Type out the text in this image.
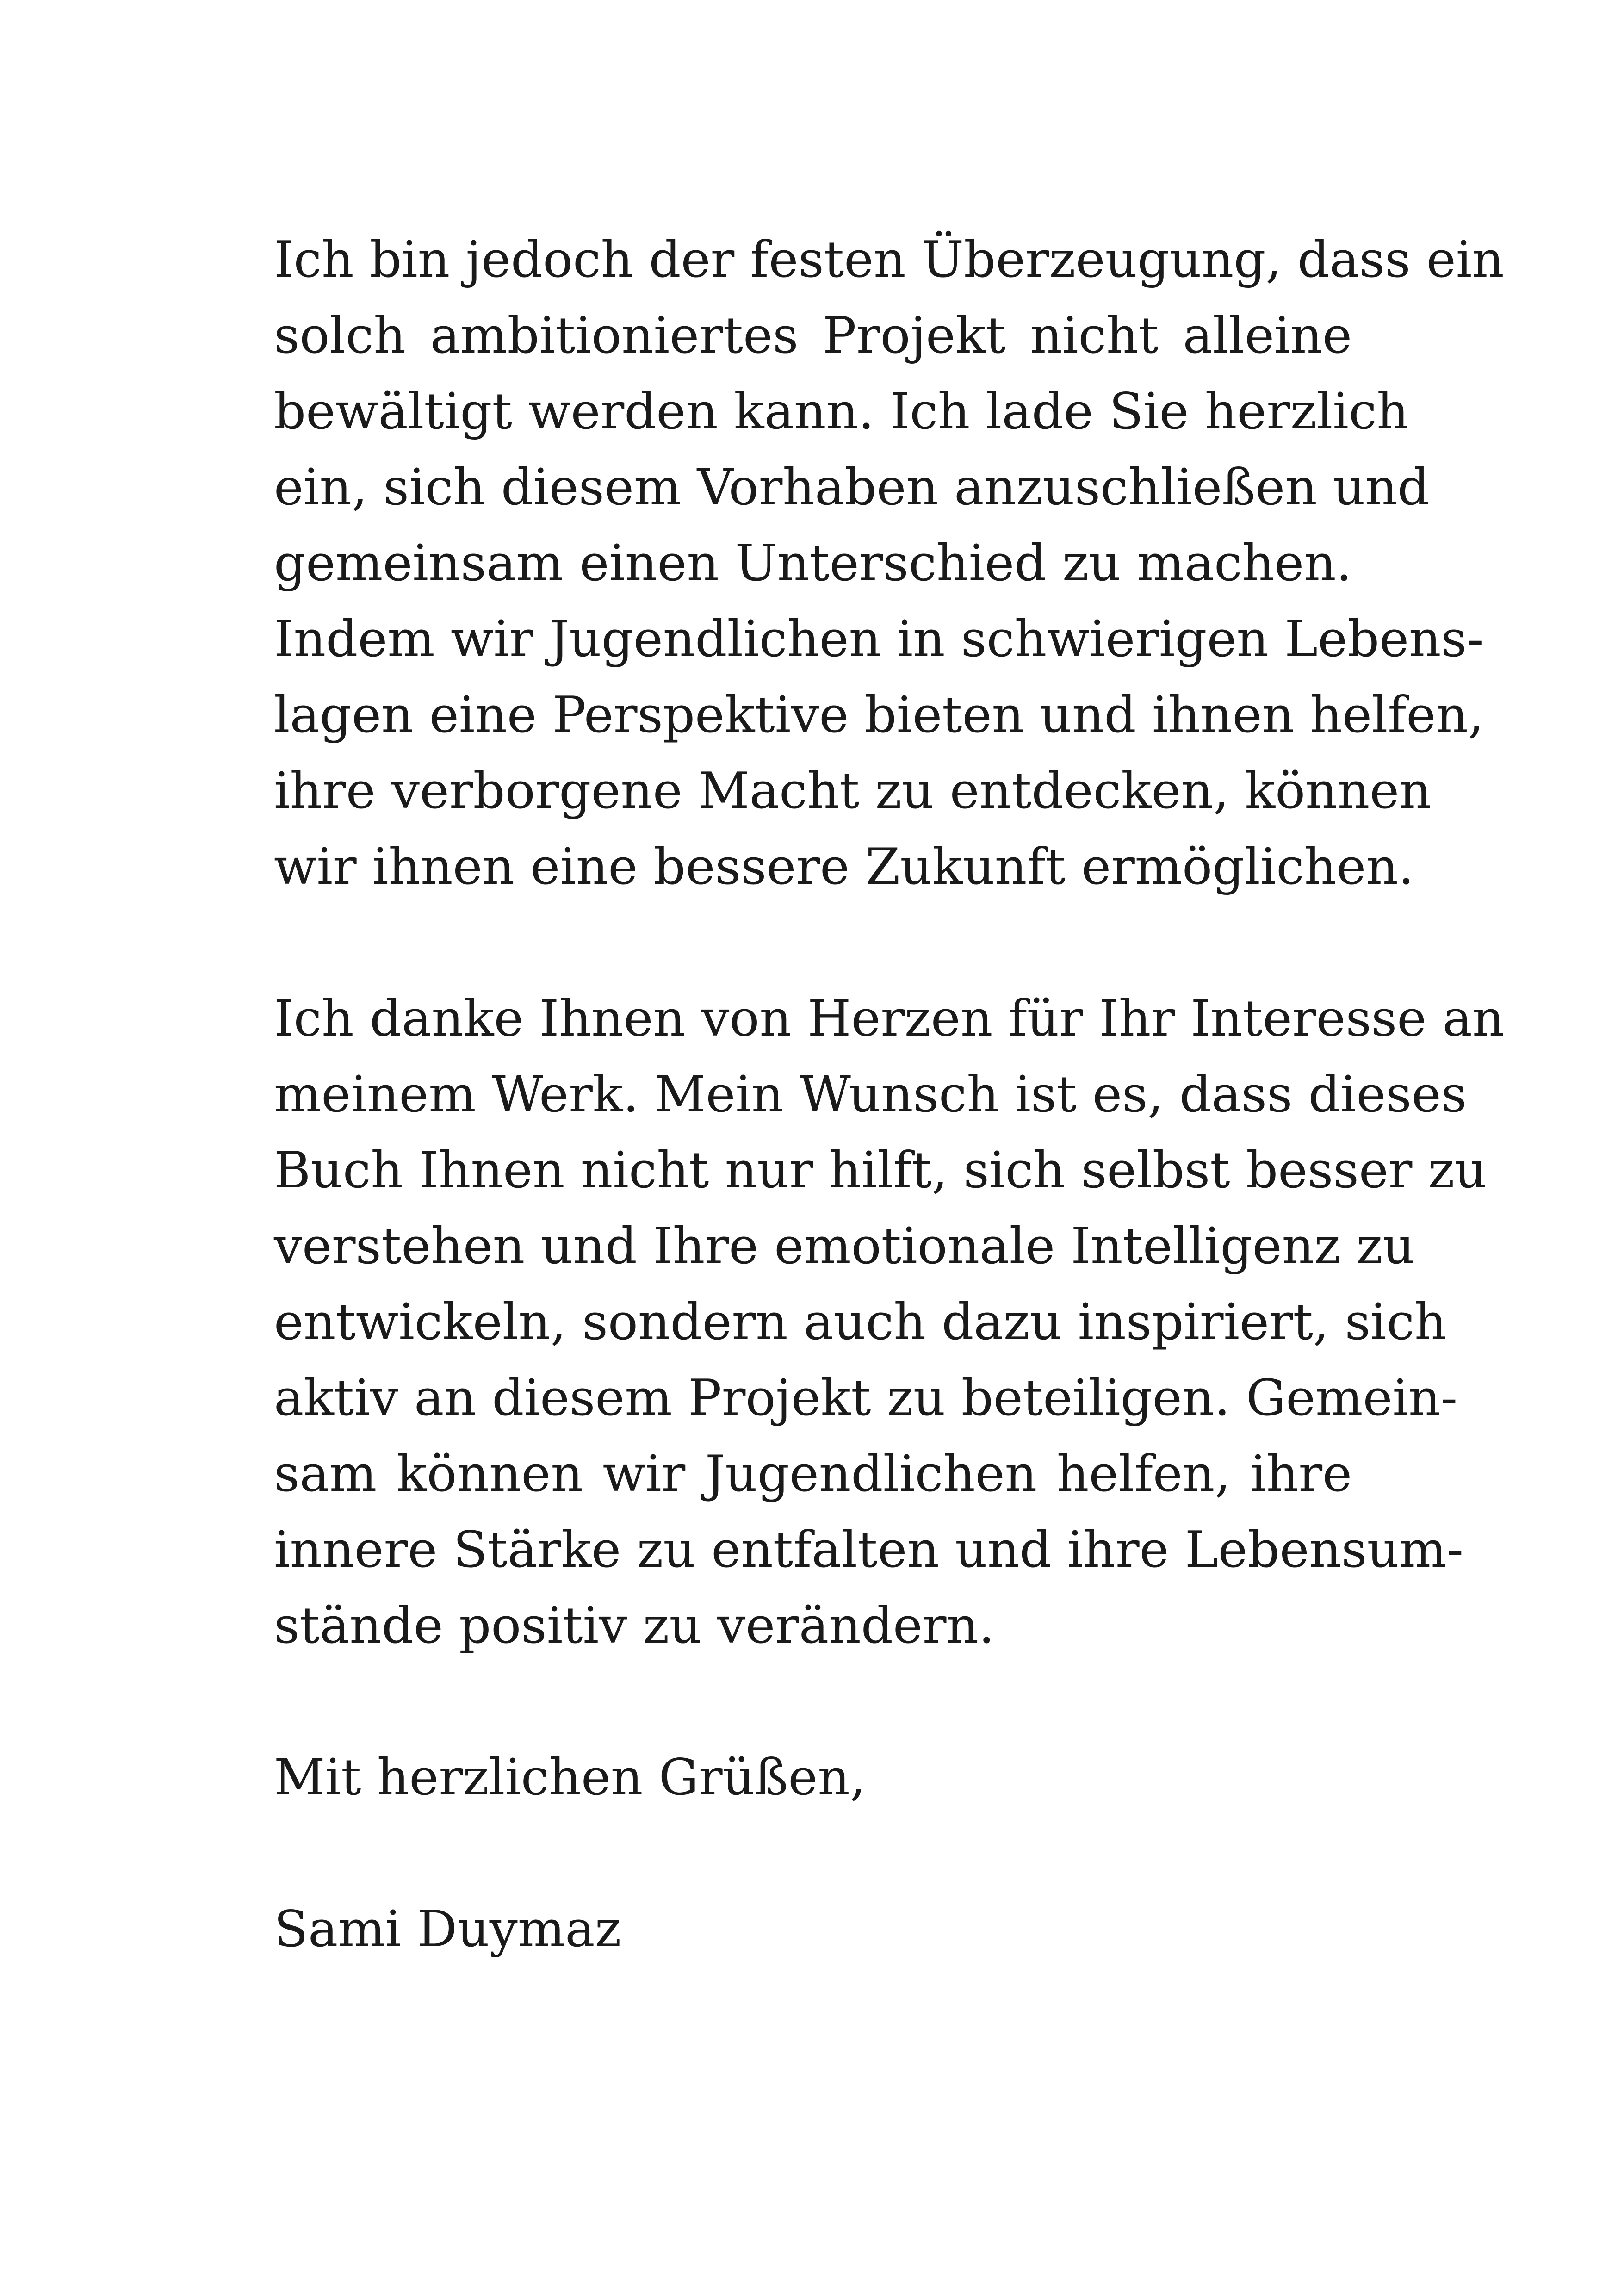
Ich bin jedoch der festen Überzeugung, dass ein
solch ambitioniertes Projekt nicht alleine
bewältigt werden kann. Ich lade Sie herzlich
ein, sich diesem Vorhaben anzuschließen und
gemeinsam einen Unterschied zu machen.
Indem wir Jugendlichen in schwierigen Lebens-
lagen eine Perspektive bieten und ihnen helfen,
ihre verborgene Macht zu entdecken, können
wir ihnen eine bessere Zukunft ermöglichen.
Ich danke Ihnen von Herzen für Ihr Interesse an
meinem Werk. Mein Wunsch ist es, dass dieses
Buch Ihnen nicht nur hilft, sich selbst besser zu
verstehen und Ihre emotionale Intelligenz zu
entwickeln, sondern auch dazu inspiriert, sich
aktiv an diesem Projekt zu beteiligen. Gemein-
sam können wir Jugendlichen helfen, ihre
innere Stärke zu entfalten und ihre Lebensum-
stände positiv zu verändern.
Mit herzlichen Grüßen,
Sami Duymaz
